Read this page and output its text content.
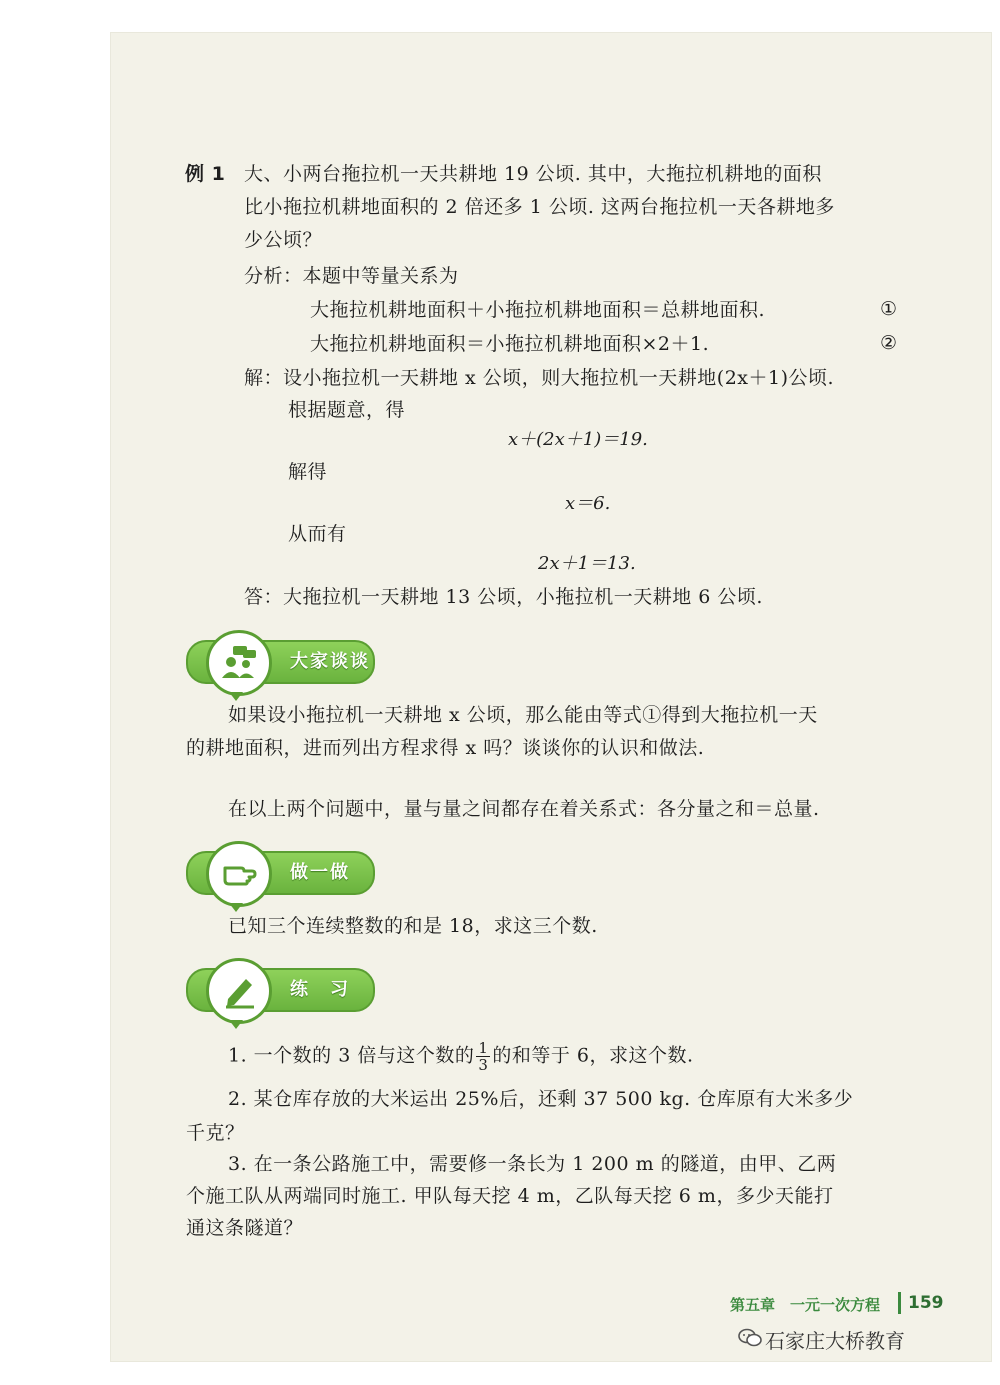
例 1 大、小两台拖拉机一天共耕地 19 公顷. 其中，大拖拉机耕地的面积
比小拖拉机耕地面积的 2 倍还多 1 公顷. 这两台拖拉机一天各耕地多
少公顷？
分析：本题中等量关系为
大拖拉机耕地面积＋小拖拉机耕地面积＝总耕地面积.	①
大拖拉机耕地面积＝小拖拉机耕地面积×2＋1.	②
解：设小拖拉机一天耕地 x 公顷，则大拖拉机一天耕地(2x＋1)公顷.
根据题意，得
x＋(2x＋1)＝19.
解得
x＝6.
从而有
2x＋1＝13.
答：大拖拉机一天耕地 13 公顷，小拖拉机一天耕地 6 公顷.
大家谈谈
如果设小拖拉机一天耕地 x 公顷，那么能由等式①得到大拖拉机一天
的耕地面积，进而列出方程求得 x 吗？谈谈你的认识和做法.
在以上两个问题中，量与量之间都存在着关系式：各分量之和＝总量.
做一做
已知三个连续整数的和是 18，求这三个数.
练　习
1. 一个数的 3 倍与这个数的 $\frac{1}{3}$ 的和等于 6，求这个数.
2. 某仓库存放的大米运出 25%后，还剩 37 500 kg. 仓库原有大米多少
千克？
3. 在一条公路施工中，需要修一条长为 1 200 m 的隧道，由甲、乙两
个施工队从两端同时施工. 甲队每天挖 4 m，乙队每天挖 6 m，多少天能打
通这条隧道？
第五章　一元一次方程 159
石家庄大桥教育
